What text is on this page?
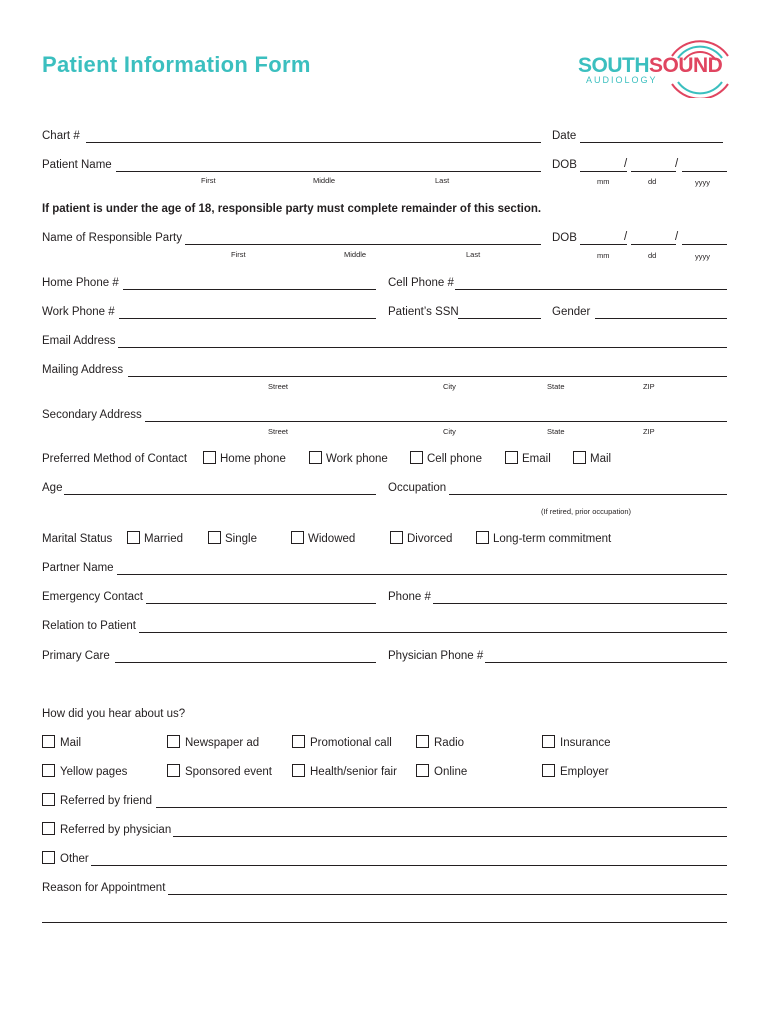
Patient Information Form	SOUTHSOUND
AUDIOLOGY
Chart #	Date
Patient Name	DOB	/	/
First	Middle	Last	mm	dd	yyyy
If patient is under the age of 18, responsible party must complete remainder of this section.
Name of Responsible Party	DOB	/	/
First	Middle	Last	mm	dd	yyyy
Home Phone #	Cell Phone #
Work Phone #	Patient’s SSN	Gender
Email Address
Mailing Address
Street	City	State	ZIP
Secondary Address
Street	City	State	ZIP
Preferred Method of Contact	Home phone	Work phone	Cell phone	Email	Mail
Age	Occupation
(If retired, prior occupation)
Marital Status	Married	Single	Widowed	Divorced	Long-term commitment
Partner Name
Emergency Contact	Phone #
Relation to Patient
Primary Care	Physician Phone #
How did you hear about us?
Mail	Newspaper ad	Promotional call	Radio	Insurance
Yellow pages	Sponsored event	Health/senior fair	Online	Employer
Referred by friend
Referred by physician
Other
Reason for Appointment
